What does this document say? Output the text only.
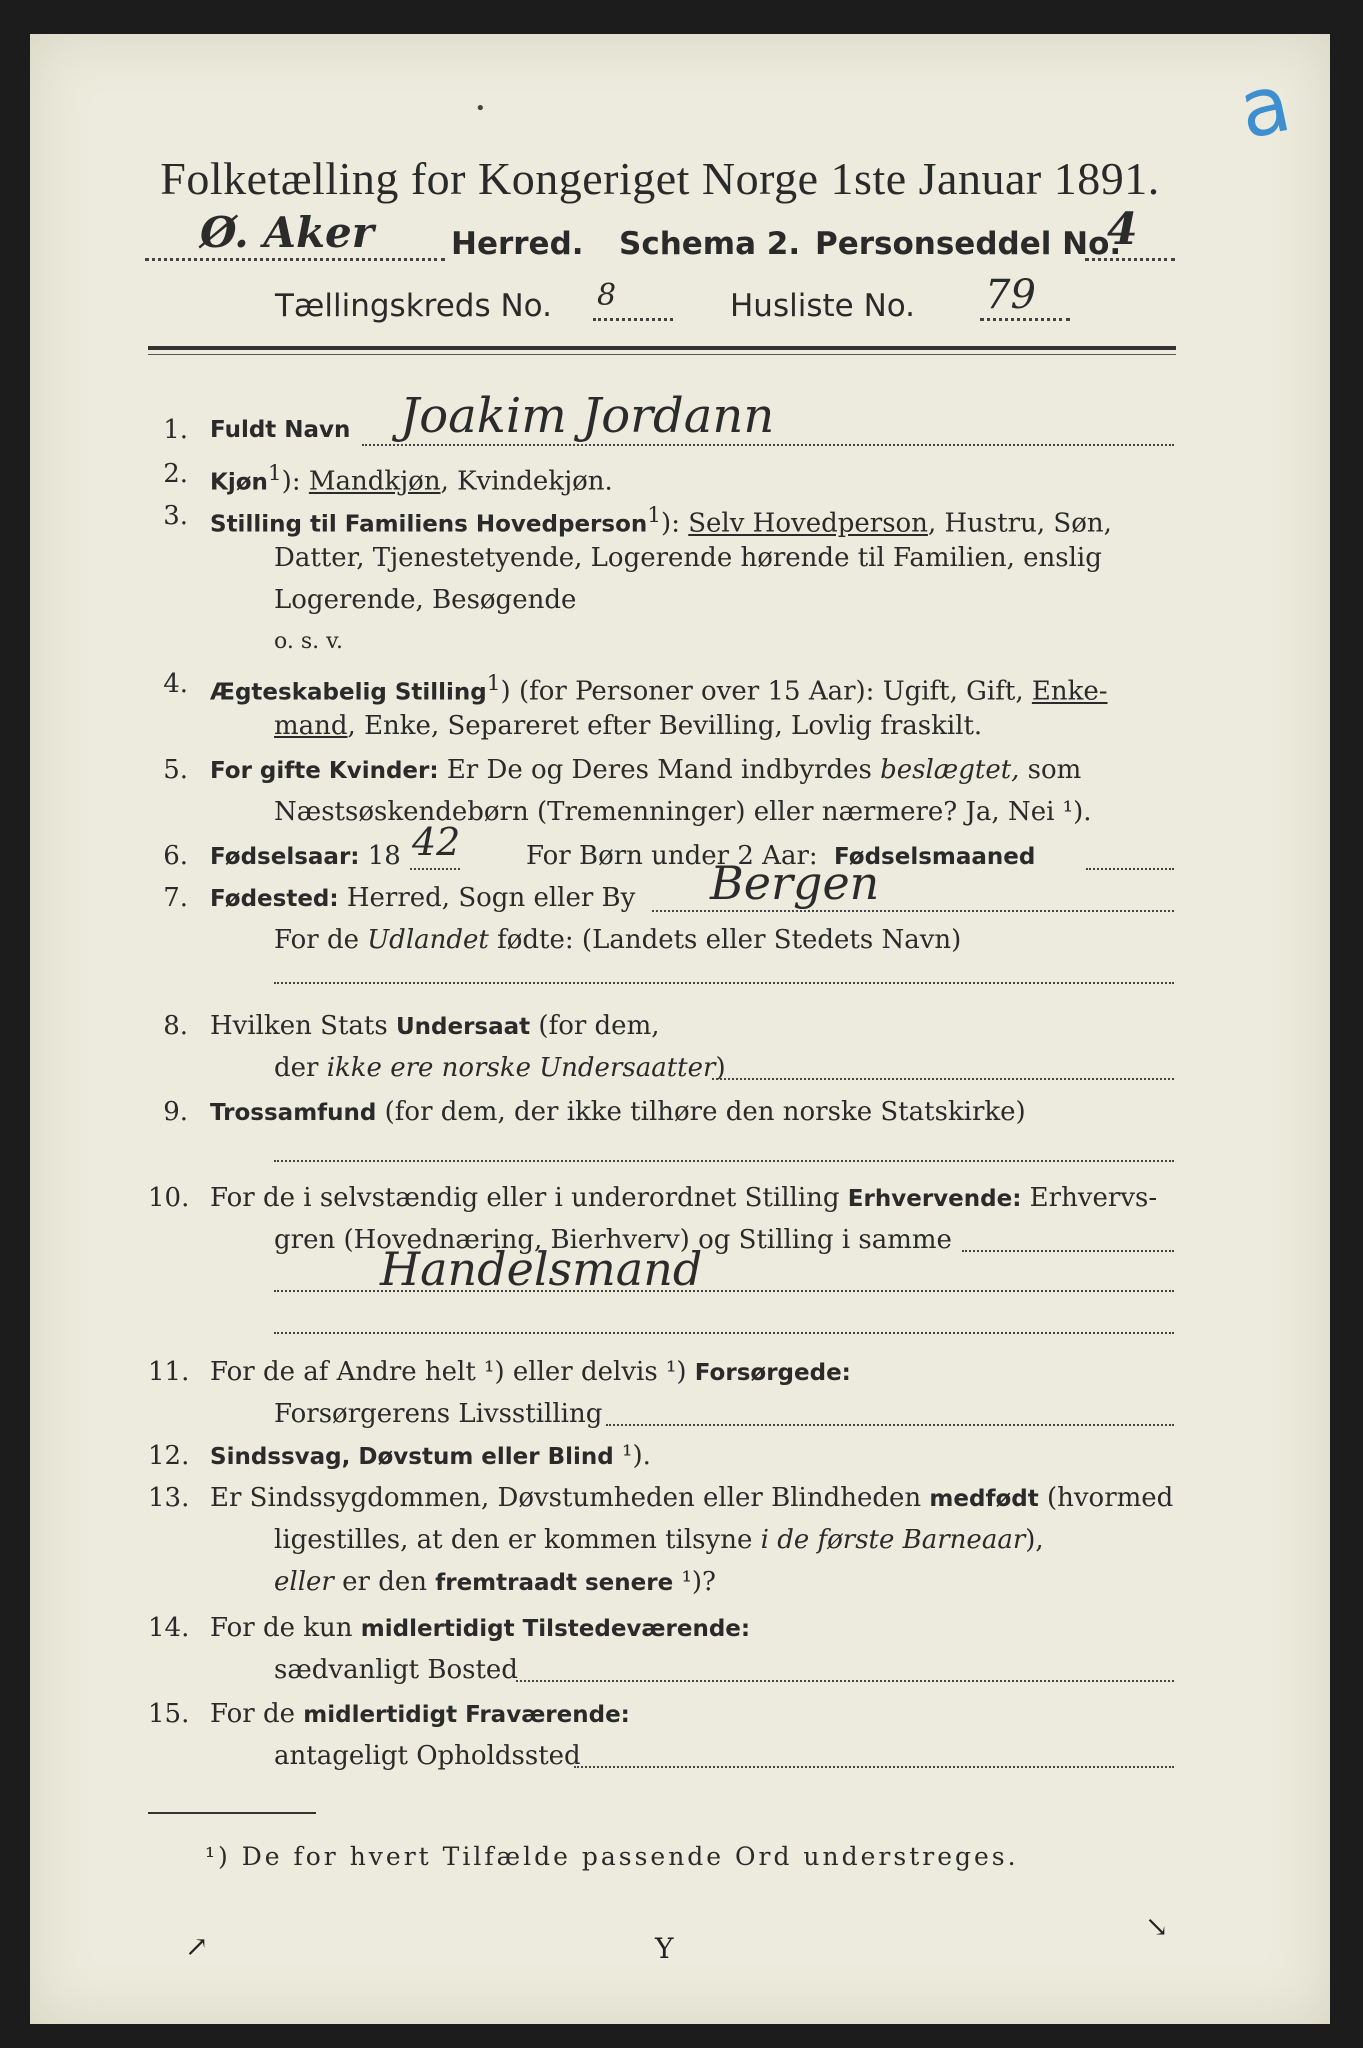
a
•
Folketælling for Kongeriget Norge 1ste Januar 1891.
Ø. Aker Herred. Schema 2. Personseddel No.
4
Tællingskreds No. 8	Husliste No. 79
1. Fuldt Navn Joakim Jordann
2. Kjøn$^1$): Mandkjøn, Kvindekjøn.
3. Stilling til Familiens Hovedperson$^1$): Selv Hovedperson, Hustru, Søn,
Datter, Tjenestetyende, Logerende hørende til Familien, enslig
Logerende, Besøgende
o. s. v.
4. Ægteskabelig Stilling$^1$) (for Personer over 15 Aar): Ugift, Gift, Enke-
mand, Enke, Separeret efter Bevilling, Lovlig fraskilt.
5. For gifte Kvinder: Er De og Deres Mand indbyrdes beslægtet, som
Næstsøskendebørn (Tremenninger) eller nærmere? Ja, Nei ¹).
6. Fødselsaar: 18 42	For Børn under 2 Aar: Fødselsmaaned
7. Fødested: Herred, Sogn eller By Bergen
For de Udlandet fødte: (Landets eller Stedets Navn)
8. Hvilken Stats Undersaat (for dem,
der ikke ere norske Undersaatter)
9. Trossamfund (for dem, der ikke tilhøre den norske Statskirke)
10. For de i selvstændig eller i underordnet Stilling Erhvervende: Erhvervs-
gren (Hovednæring, Bierhverv) og Stilling i samme
Handelsmand
11. For de af Andre helt ¹) eller delvis ¹) Forsørgede:
Forsørgerens Livsstilling
12. Sindssvag, Døvstum eller Blind ¹).
13. Er Sindssygdommen, Døvstumheden eller Blindheden medfødt (hvormed
ligestilles, at den er kommen tilsyne i de første Barneaar),
eller er den fremtraadt senere ¹)?
14. For de kun midlertidigt Tilstedeværende:
sædvanligt Bosted
15. For de midlertidigt Fraværende:
antageligt Opholdssted
¹) De for hvert Tilfælde passende Ord understreges.
↗	Y
↘
